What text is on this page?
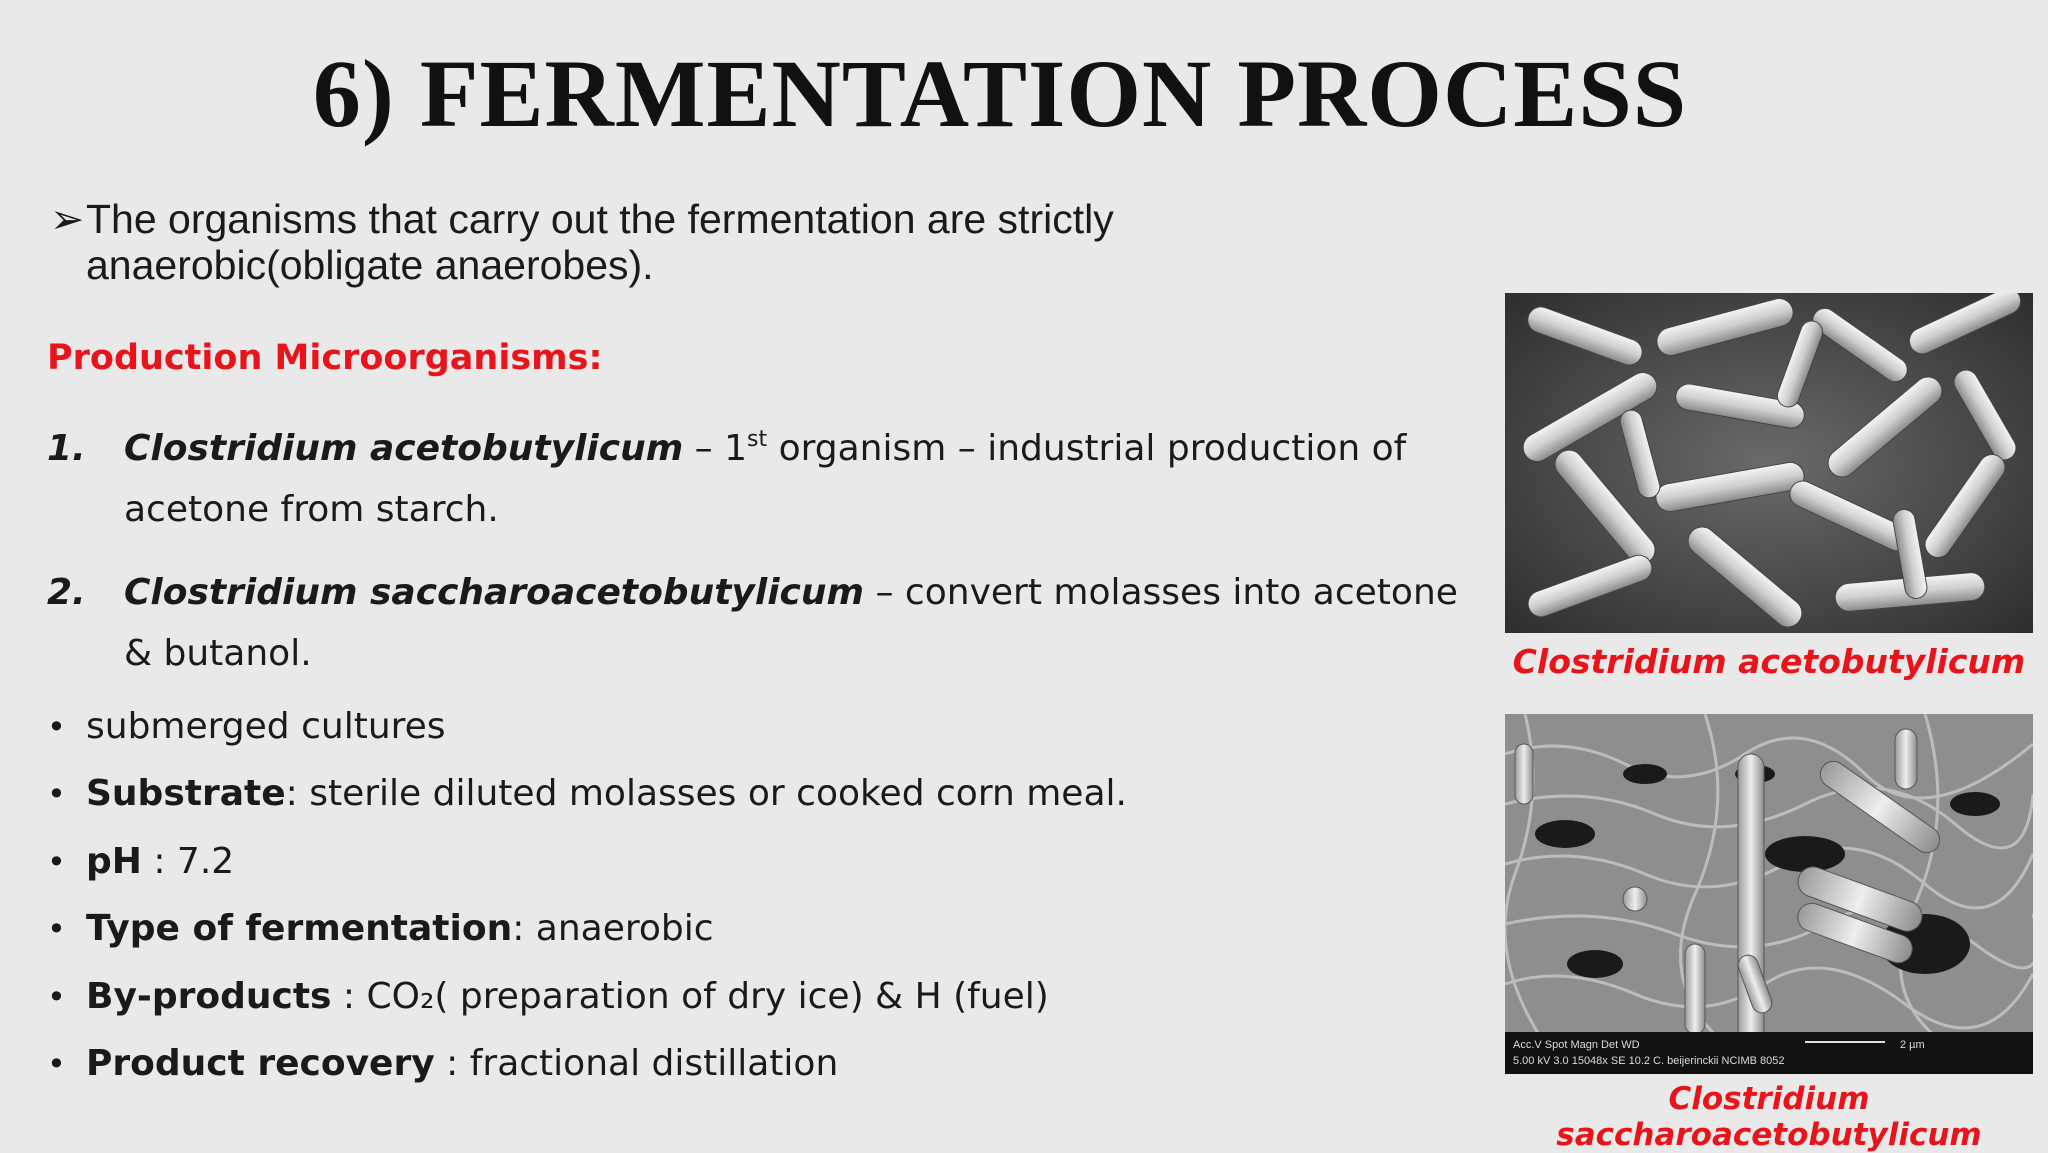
6) FERMENTATION PROCESS
➢ The organisms that carry out the fermentation are strictly anaerobic(obligate anaerobes).
Production Microorganisms:
1. Clostridium acetobutylicum – 1st organism – industrial production of acetone from starch.
2. Clostridium saccharoacetobutylicum – convert molasses into acetone & butanol.
• submerged cultures
• Substrate: sterile diluted molasses or cooked corn meal.
• pH : 7.2
• Type of fermentation: anaerobic
• By-products : CO₂( preparation of dry ice) & H (fuel)
• Product recovery : fractional distillation
Clostridium acetobutylicum
Acc.V Spot Magn Det WD
5.00 kV 3.0 15048x SE 10.2 C. beijerinckii NCIMB 8052
2 µm
Clostridium saccharoacetobutylicum
